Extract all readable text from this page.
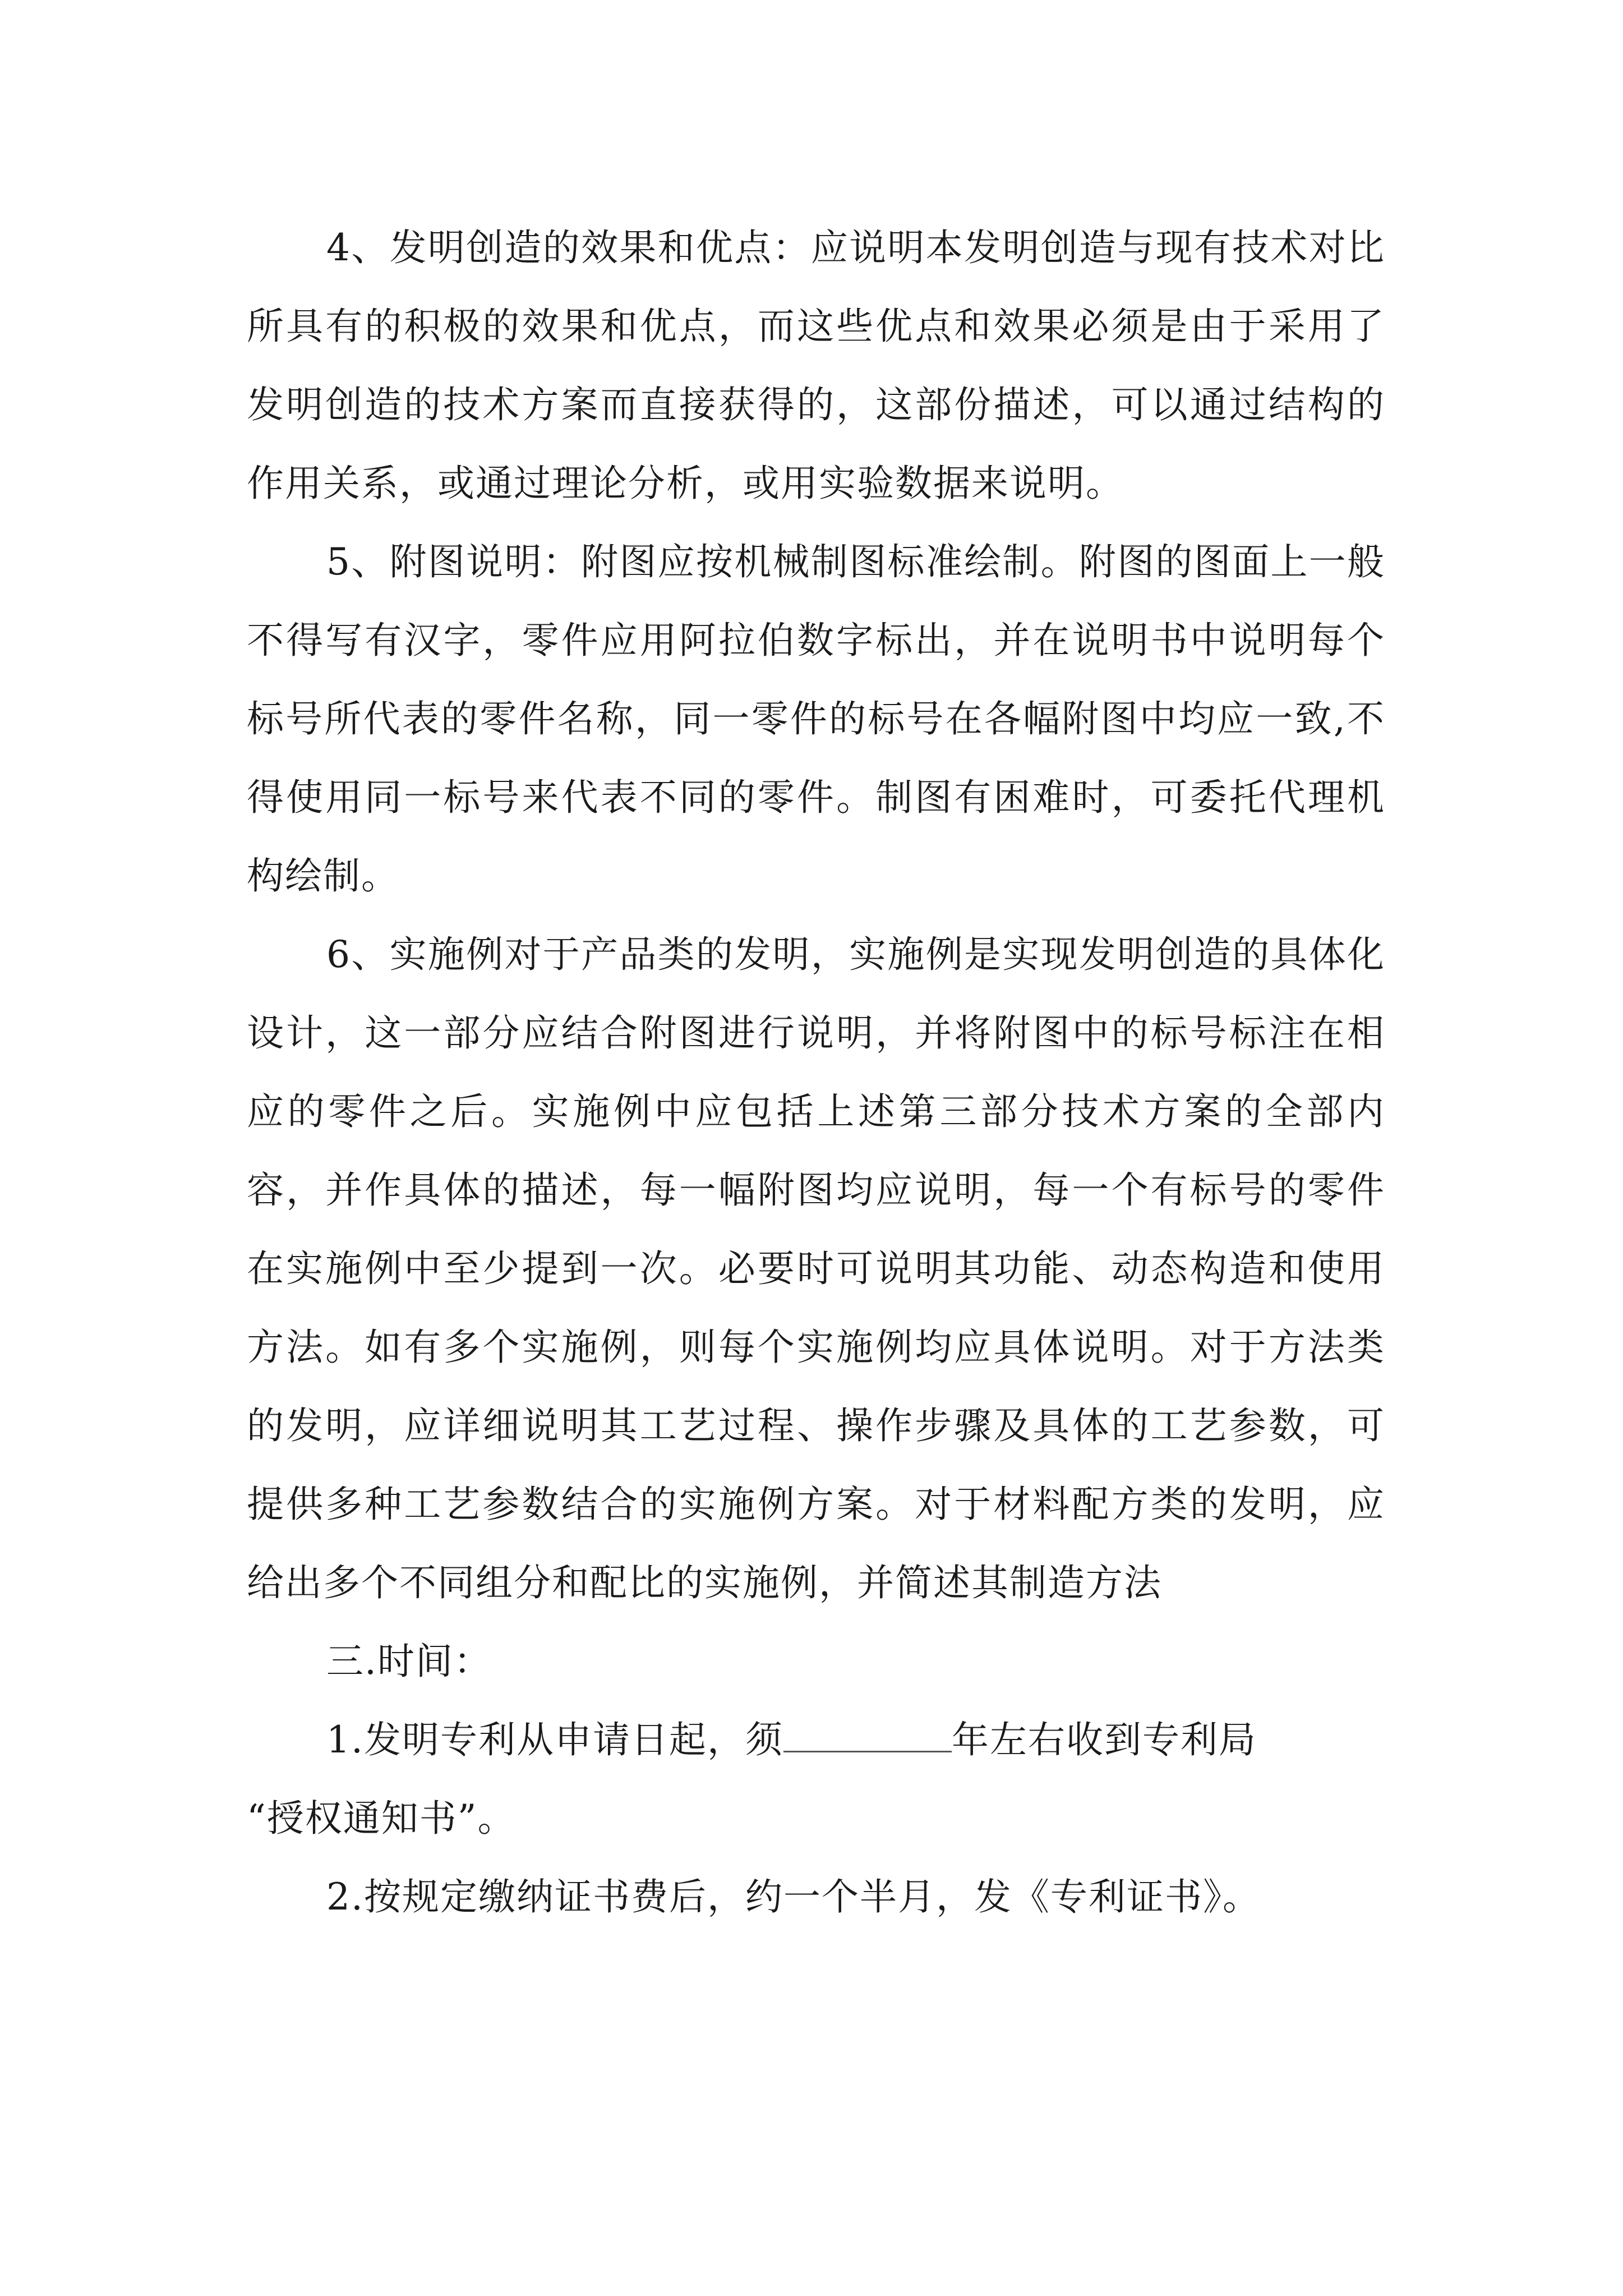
4、发明创造的效果和优点：应说明本发明创造与现有技术对比所具有的积极的效果和优点，而这些优点和效果必须是由于采用了发明创造的技术方案而直接获得的，这部份描述，可以通过结构的作用关系，或通过理论分析，或用实验数据来说明。

5、附图说明：附图应按机械制图标准绘制。附图的图面上一般不得写有汉字，零件应用阿拉伯数字标出，并在说明书中说明每个标号所代表的零件名称，同一零件的标号在各幅附图中均应一致,不得使用同一标号来代表不同的零件。制图有困难时，可委托代理机构绘制。

6、实施例对于产品类的发明，实施例是实现发明创造的具体化设计，这一部分应结合附图进行说明，并将附图中的标号标注在相应的零件之后。实施例中应包括上述第三部分技术方案的全部内容，并作具体的描述，每一幅附图均应说明，每一个有标号的零件在实施例中至少提到一次。必要时可说明其功能、动态构造和使用方法。如有多个实施例，则每个实施例均应具体说明。对于方法类的发明，应详细说明其工艺过程、操作步骤及具体的工艺参数，可提供多种工艺参数结合的实施例方案。对于材料配方类的发明，应给出多个不同组分和配比的实施例，并简述其制造方法

三.时间：

1.发明专利从申请日起，须	年左右收到专利局

“授权通知书”。

2.按规定缴纳证书费后，约一个半月，发《专利证书》。
